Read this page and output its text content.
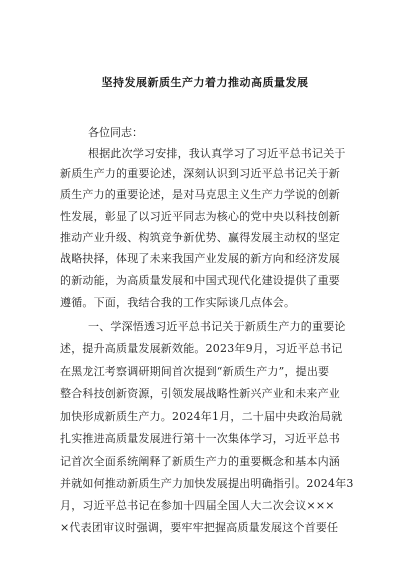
坚持发展新质生产力着力推动高质量发展
各位同志：
根据此次学习安排，我认真学习了习近平总书记关于
新质生产力的重要论述，深刻认识到习近平总书记关于新
质生产力的重要论述，是对马克思主义生产力学说的创新
性发展，彰显了以习近平同志为核心的党中央以科技创新
推动产业升级、构筑竞争新优势、赢得发展主动权的坚定
战略抉择，体现了未来我国产业发展的新方向和经济发展
的新动能，为高质量发展和中国式现代化建设提供了重要
遵循。下面，我结合我的工作实际谈几点体会。
一、学深悟透习近平总书记关于新质生产力的重要论
述，提升高质量发展新效能。2023年9月，习近平总书记
在黑龙江考察调研期间首次提到“新质生产力”，提出要
整合科技创新资源，引领发展战略性新兴产业和未来产业
加快形成新质生产力。2024年1月，二十届中央政治局就
扎实推进高质量发展进行第十一次集体学习，习近平总书
记首次全面系统阐释了新质生产力的重要概念和基本内涵
并就如何推动新质生产力加快发展提出明确指引。2024年3
月，习近平总书记在参加十四届全国人大二次会议×××
×代表团审议时强调，要牢牢把握高质量发展这个首要任
